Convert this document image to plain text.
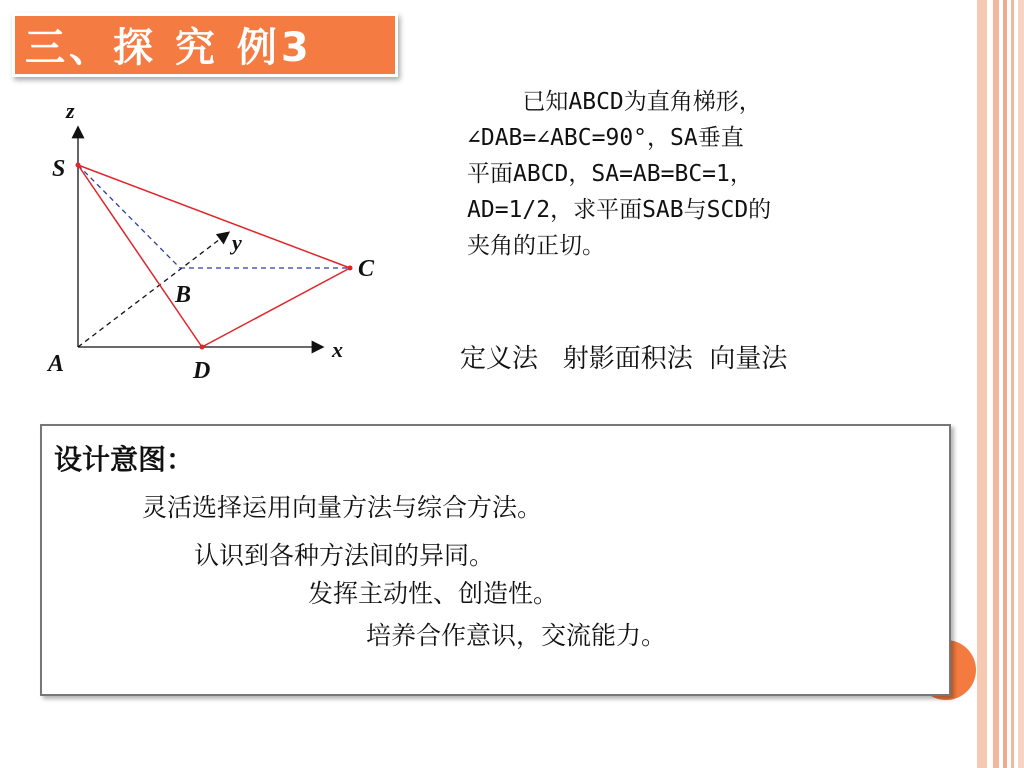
三、探 究 例3
z
y
x
S
C
B
A	D
已知ABCD为直角梯形，
∠DAB=∠ABC=90°，SA垂直
平面ABCD，SA=AB=BC=1，
AD=1/2，求平面SAB与SCD的
夹角的正切。
定义法   射影面积法  向量法
设计意图：
灵活选择运用向量方法与综合方法。
认识到各种方法间的异同。
发挥主动性、创造性。
培养合作意识，交流能力。
